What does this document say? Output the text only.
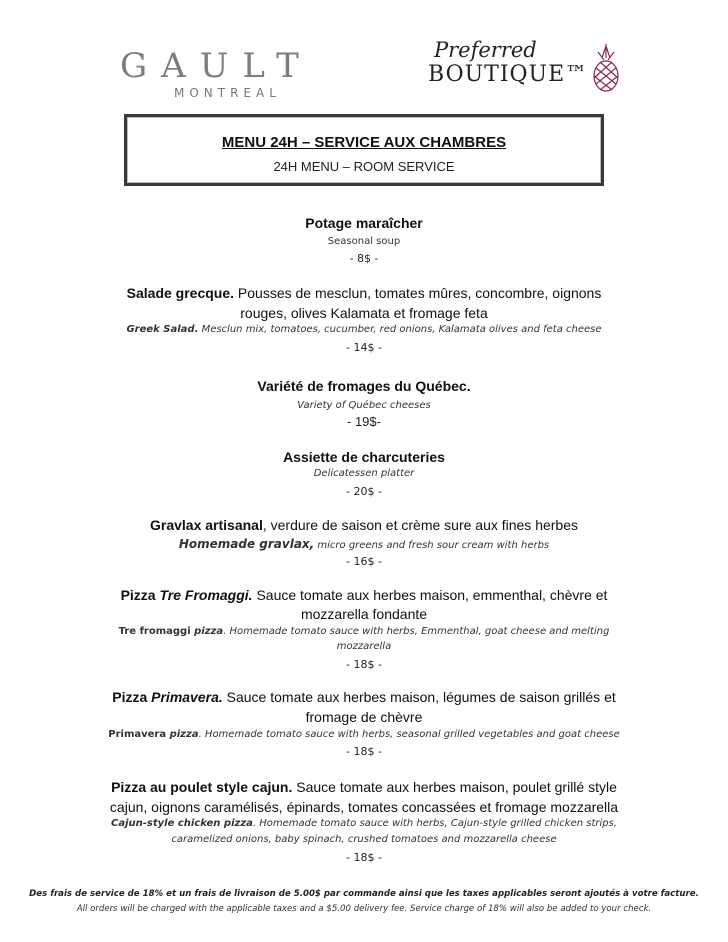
GAULT
MONTREAL
Preferred
BOUTIQUE™
MENU 24H – SERVICE AUX CHAMBRES
24H MENU – ROOM SERVICE
Potage maraîcher
Seasonal soup
- 8$ -
Salade grecque. Pousses de mesclun, tomates mûres, concombre, oignons
rouges, olives Kalamata et fromage feta
Greek Salad. Mesclun mix, tomatoes, cucumber, red onions, Kalamata olives and feta cheese
- 14$ -
Variété de fromages du Québec.
Variety of Québec cheeses
- 19$-
Assiette de charcuteries
Delicatessen platter
- 20$ -
Gravlax artisanal, verdure de saison et crème sure aux fines herbes
Homemade gravlax, micro greens and fresh sour cream with herbs
- 16$ -
Pizza Tre Fromaggi. Sauce tomate aux herbes maison, emmenthal, chèvre et
mozzarella fondante
Tre fromaggi pizza. Homemade tomato sauce with herbs, Emmenthal, goat cheese and melting
mozzarella
- 18$ -
Pizza Primavera. Sauce tomate aux herbes maison, légumes de saison grillés et
fromage de chèvre
Primavera pizza. Homemade tomato sauce with herbs, seasonal grilled vegetables and goat cheese
- 18$ -
Pizza au poulet style cajun. Sauce tomate aux herbes maison, poulet grillé style
cajun, oignons caramélisés, épinards, tomates concassées et fromage mozzarella
Cajun-style chicken pizza. Homemade tomato sauce with herbs, Cajun-style grilled chicken strips,
caramelized onions, baby spinach, crushed tomatoes and mozzarella cheese
- 18$ -
Des frais de service de 18% et un frais de livraison de 5.00$ par commande ainsi que les taxes applicables seront ajoutés à votre facture.
All orders will be charged with the applicable taxes and a $5.00 delivery fee. Service charge of 18% will also be added to your check.
